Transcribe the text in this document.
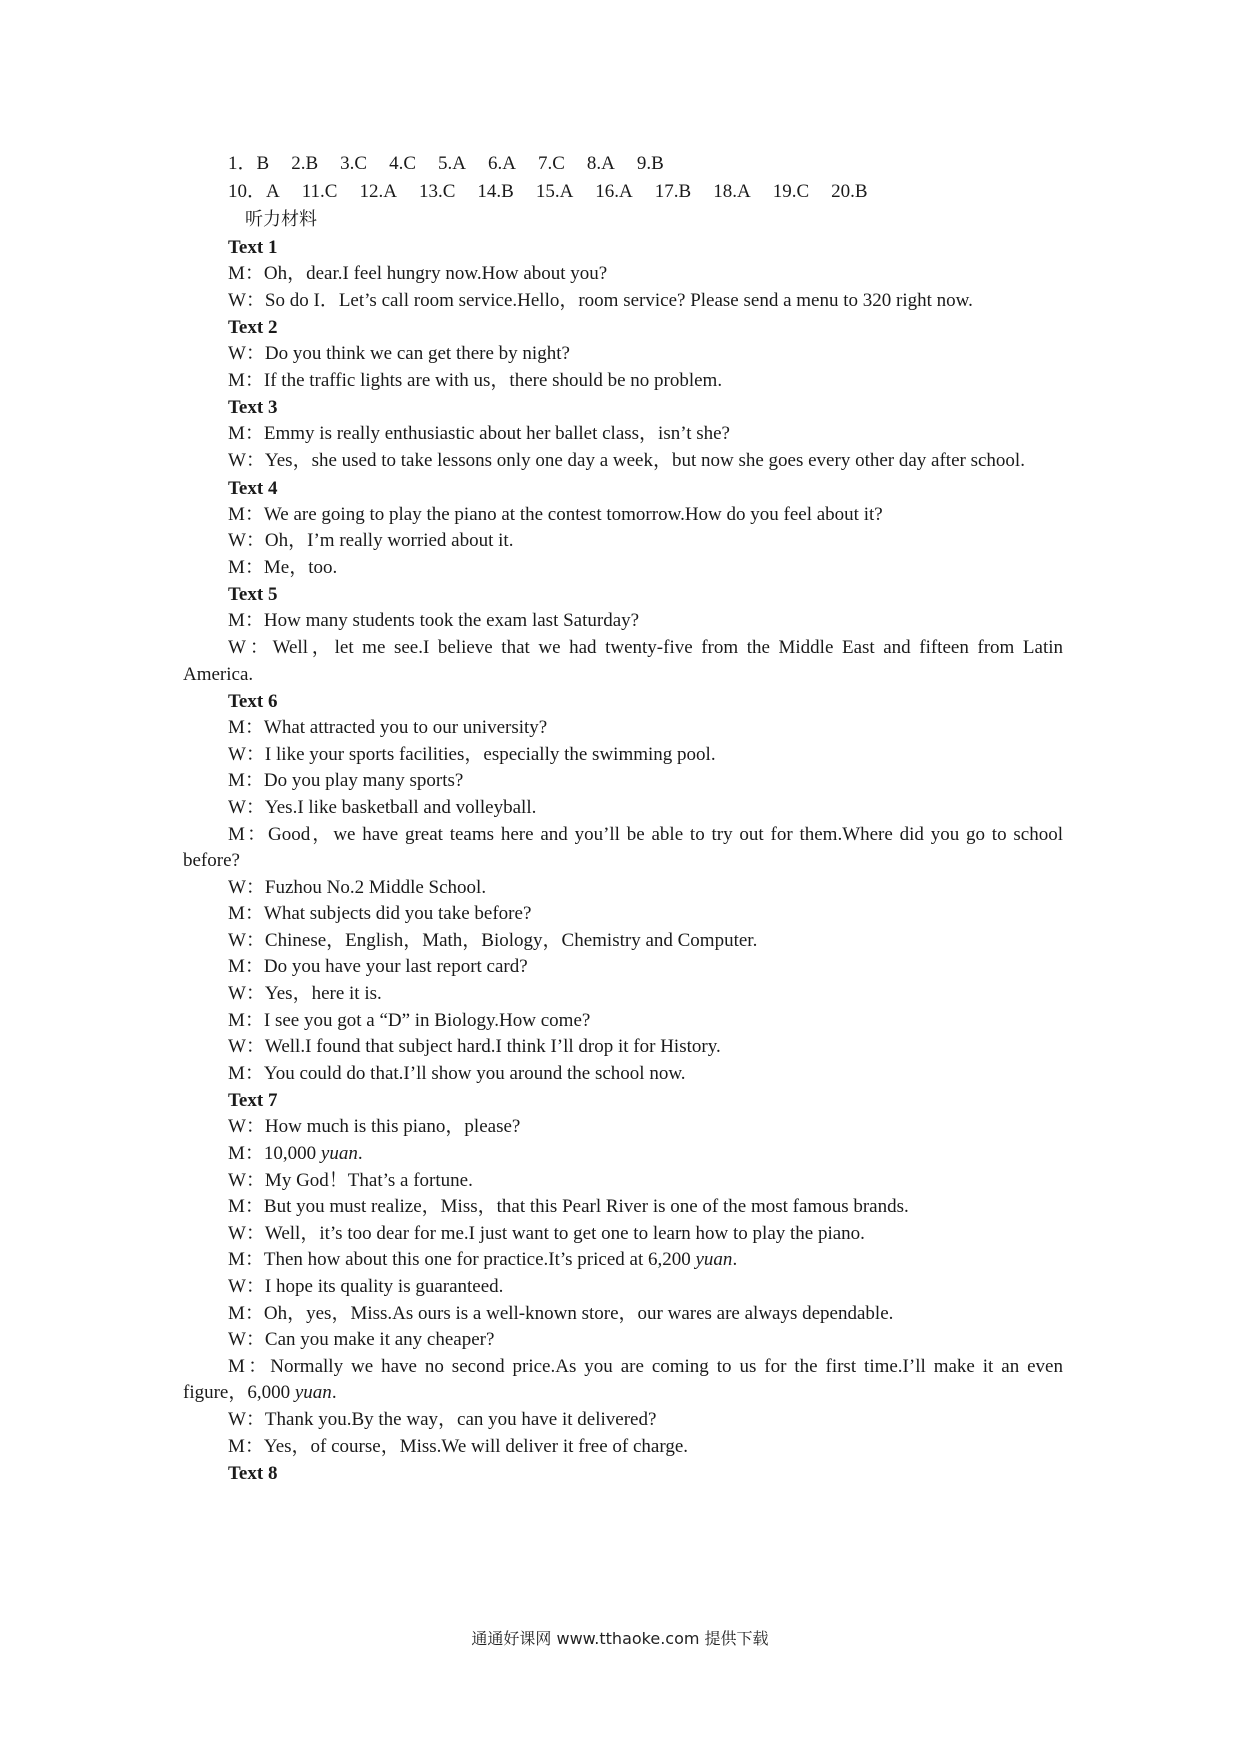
1．B 2.B 3.C 4.C 5.A 6.A 7.C 8.A 9.B
10．A 11.C 12.A 13.C 14.B 15.A 16.A 17.B 18.A 19.C 20.B
听力材料
Text 1

M：Oh，dear.I feel hungry now.How about you?

W：So do I．Let’s call room service.Hello，room service? Please send a menu to 320 right now.

Text 2

W：Do you think we can get there by night?

M：If the traffic lights are with us，there should be no problem.

Text 3

M：Emmy is really enthusiastic about her ballet class，isn’t she?

W：Yes，she used to take lessons only one day a week，but now she goes every other day after school.

Text 4

M：We are going to play the piano at the contest tomorrow.How do you feel about it?

W：Oh，I’m really worried about it.

M：Me，too.

Text 5

M：How many students took the exam last Saturday?

W：Well，let me see.I believe that we had twenty-five from the Middle East and fifteen from Latin America.

Text 6

M：What attracted you to our university?

W：I like your sports facilities，especially the swimming pool.

M：Do you play many sports?

W：Yes.I like basketball and volleyball.

M：Good，we have great teams here and you’ll be able to try out for them.Where did you go to school before?

W：Fuzhou No.2 Middle School.

M：What subjects did you take before?

W：Chinese，English，Math，Biology，Chemistry and Computer.

M：Do you have your last report card?

W：Yes，here it is.

M：I see you got a “D” in Biology.How come?

W：Well.I found that subject hard.I think I’ll drop it for History.

M：You could do that.I’ll show you around the school now.

Text 7

W：How much is this piano，please?

M：10,000 yuan.

W：My God！That’s a fortune.

M：But you must realize，Miss，that this Pearl River is one of the most famous brands.

W：Well，it’s too dear for me.I just want to get one to learn how to play the piano.

M：Then how about this one for practice.It’s priced at 6,200 yuan.

W：I hope its quality is guaranteed.

M：Oh，yes，Miss.As ours is a well-known store，our wares are always dependable.

W：Can you make it any cheaper?

M：Normally we have no second price.As you are coming to us for the first time.I’ll make it an even figure，6,000 yuan.

W：Thank you.By the way，can you have it delivered?

M：Yes，of course，Miss.We will deliver it free of charge.

Text 8
通通好课网 www.tthaoke.com 提供下载
